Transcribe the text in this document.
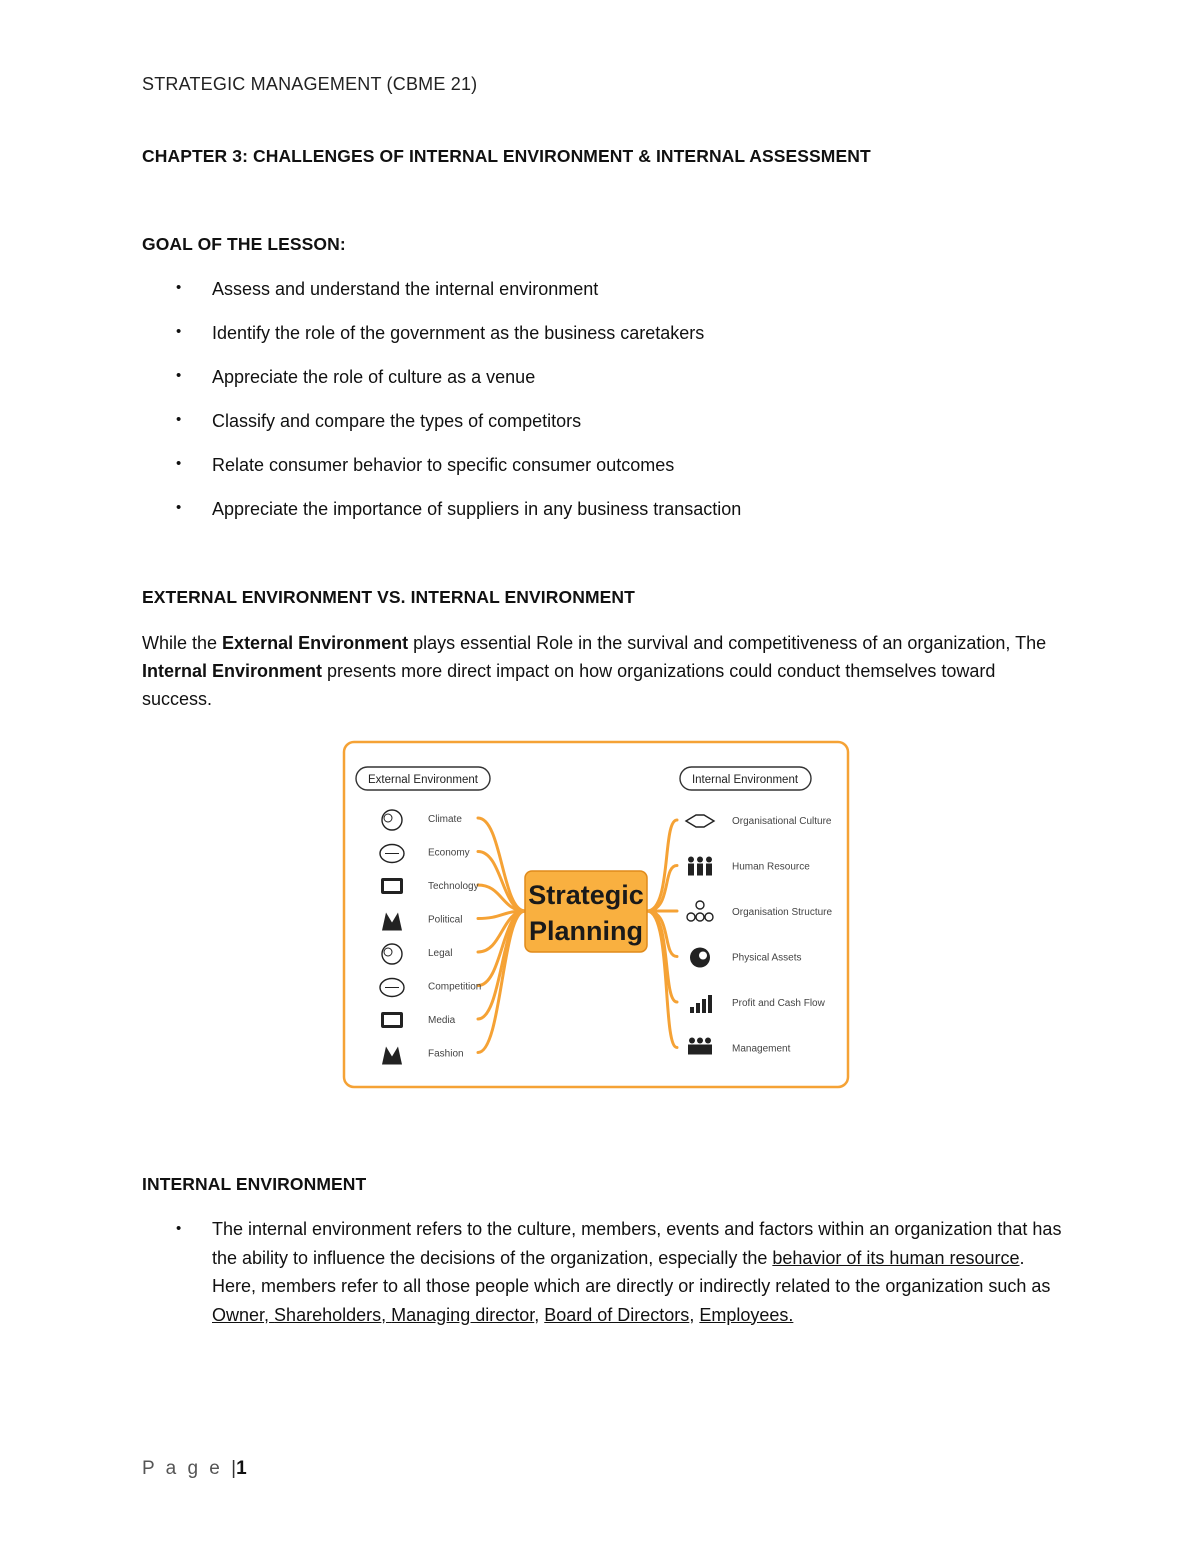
STRATEGIC MANAGEMENT (CBME 21)
CHAPTER 3: CHALLENGES OF INTERNAL ENVIRONMENT & INTERNAL ASSESSMENT
GOAL OF THE LESSON:
• Assess and understand the internal environment
• Identify the role of the government as the business caretakers
• Appreciate the role of culture as a venue
• Classify and compare the types of competitors
• Relate consumer behavior to specific consumer outcomes
• Appreciate the importance of suppliers in any business transaction
EXTERNAL ENVIRONMENT VS. INTERNAL ENVIRONMENT
While the External Environment plays essential Role in the survival and competitiveness of an organization, The Internal Environment presents more direct impact on how organizations could conduct themselves toward success.
External Environment	Internal Environment
Climate
Economy
Technology
Political
Legal
Competition
Media
Fashion
Organisational Culture
Human Resource
Organisation Structure
Physical Assets
Profit and Cash Flow
Management
Strategic
Planning
INTERNAL ENVIRONMENT
• The internal environment refers to the culture, members, events and factors within an organization that has the ability to influence the decisions of the organization, especially the behavior of its human resource. Here, members refer to all those people which are directly or indirectly related to the organization such as Owner, Shareholders, Managing director, Board of Directors, Employees.
P a g e |1
